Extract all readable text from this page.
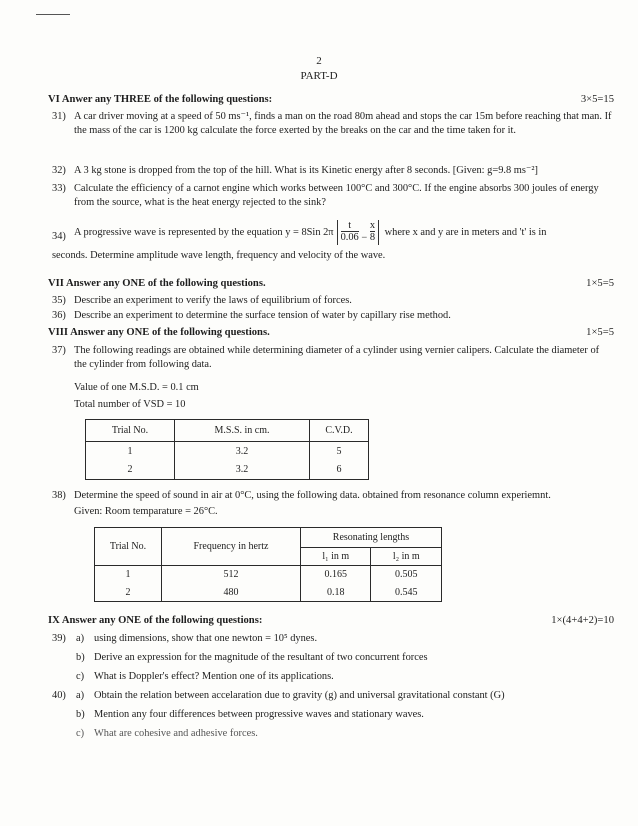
2
PART-D
VI Anwer any THREE of the following questions:	3×5=15
31) A car driver moving at a speed of 50 ms⁻¹, finds a man on the road 80m ahead and stops the car 15m before reaching that man. If the mass of the car is 1200 kg calculate the force exerted by the breaks on the car and the time taken for it.
32) A 3 kg stone is dropped from the top of the hill. What is its Kinetic energy after 8 seconds. [Given: g=9.8 ms⁻²]
33) Calculate the efficiency of a carnot engine which works between 100°C and 300°C. If the engine absorbs 300 joules of energy from the source, what is the heat energy rejected to the sink?
34) A progressive wave is represented by the equation y = 8Sin $2\pi \frac{t}{0.06} - \frac{x}{8}$ where x and y are in meters and 't' is in
seconds. Determine amplitude wave length, frequency and velocity of the wave.
VII Answer any ONE of the following questions.	1×5=5
35) Describe an experiment to verify the laws of equilibrium of forces.
36) Describe an experiment to determine the surface tension of water by capillary rise method.
VIII Answer any ONE of the following questions.	1×5=5
37) The following readings are obtained while determining diameter of a cylinder using vernier calipers. Calculate the diameter of the cylinder from following data.
Value of one M.S.D. = 0.1 cm
Total number of VSD = 10
Trial No.	M.S.S. in cm.	C.V.D.
1	3.2	5
2	3.2	6
38) Determine the speed of sound in air at 0°C, using the following data. obtained from resonance column experiemnt.
Given: Room temparature = 26°C.
Trial No.	Frequency in hertz	Resonating lengths	
		l₁ in m	l₂ in m
1	512	0.165	0.505
2	480	0.18	0.545
IX Answer any ONE of the following questions:	1×(4+4+2)=10
39) a) using dimensions, show that one newton = 10⁵ dynes.
b) Derive an expression for the magnitude of the resultant of two concurrent forces
c) What is Doppler's effect? Mention one of its applications.
40) a) Obtain the relation between accelaration due to gravity (g) and universal gravitational constant (G)
b) Mention any four differences between progressive waves and stationary waves.
c) What are cohesive and adhesive forces.
